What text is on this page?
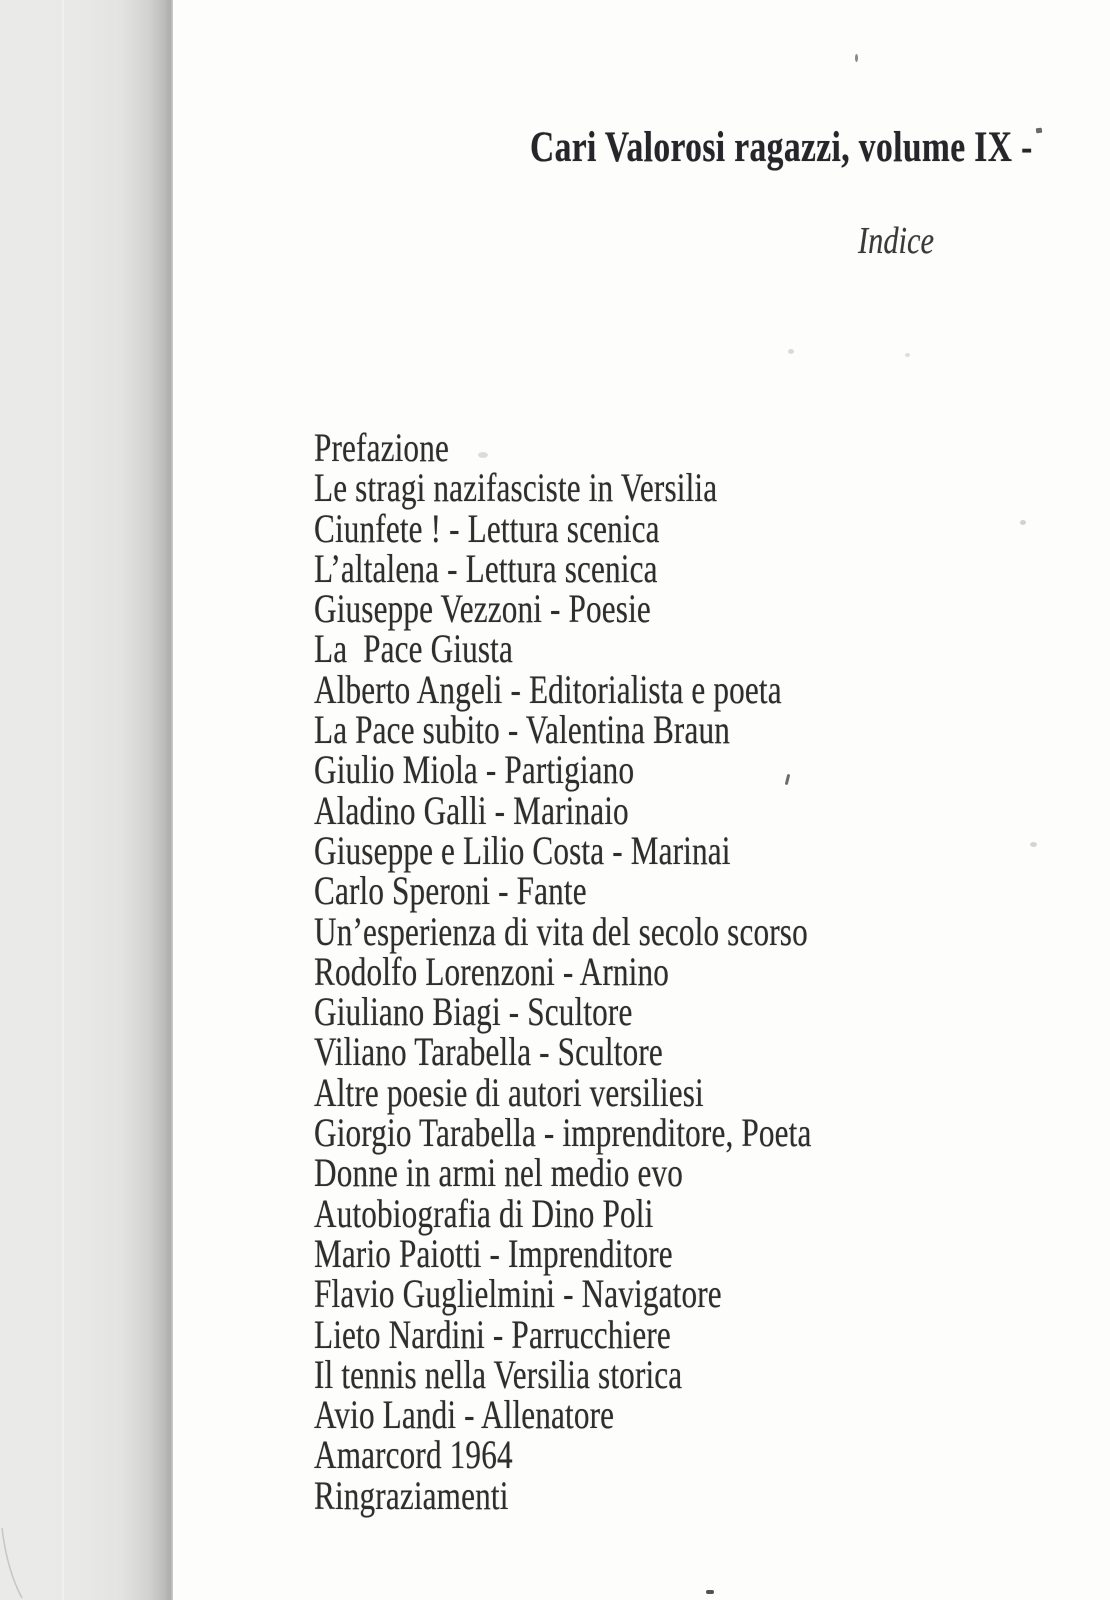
Cari Valorosi ragazzi, volume IX -
Indice
Prefazione
Le stragi nazifasciste in Versilia
Ciunfete ! - Lettura scenica
L’altalena - Lettura scenica
Giuseppe Vezzoni - Poesie
La  Pace Giusta
Alberto Angeli - Editorialista e poeta
La Pace subito - Valentina Braun
Giulio Miola - Partigiano
Aladino Galli - Marinaio
Giuseppe e Lilio Costa - Marinai
Carlo Speroni - Fante
Un’esperienza di vita del secolo scorso
Rodolfo Lorenzoni - Arnino
Giuliano Biagi - Scultore
Viliano Tarabella - Scultore
Altre poesie di autori versiliesi
Giorgio Tarabella - imprenditore, Poeta
Donne in armi nel medio evo
Autobiografia di Dino Poli
Mario Paiotti - Imprenditore
Flavio Guglielmini - Navigatore
Lieto Nardini - Parrucchiere
Il tennis nella Versilia storica
Avio Landi - Allenatore
Amarcord 1964
Ringraziamenti
